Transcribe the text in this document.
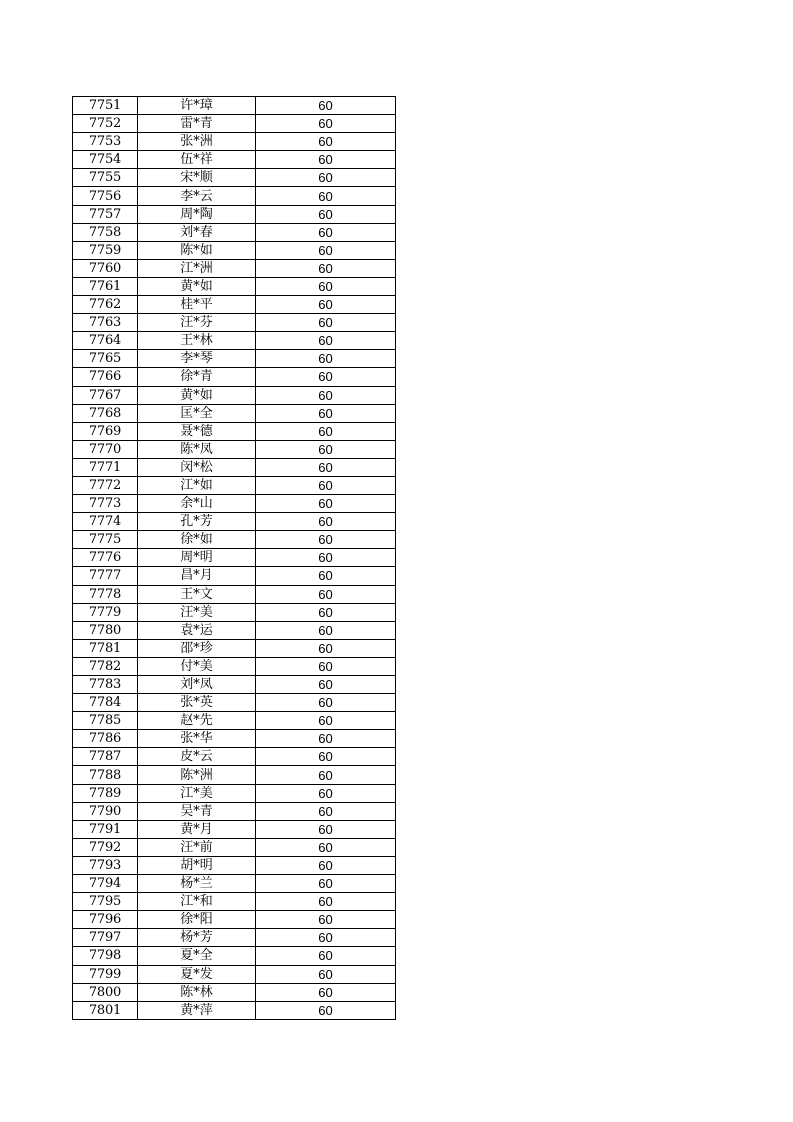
7751	许*璋	60
7752	雷*青	60
7753	张*洲	60
7754	伍*祥	60
7755	宋*顺	60
7756	李*云	60
7757	周*陶	60
7758	刘*春	60
7759	陈*如	60
7760	江*洲	60
7761	黄*如	60
7762	桂*平	60
7763	汪*芬	60
7764	王*林	60
7765	李*琴	60
7766	徐*青	60
7767	黄*如	60
7768	匡*全	60
7769	聂*德	60
7770	陈*凤	60
7771	闵*松	60
7772	江*如	60
7773	余*山	60
7774	孔*芳	60
7775	徐*如	60
7776	周*明	60
7777	昌*月	60
7778	王*文	60
7779	汪*美	60
7780	袁*运	60
7781	邵*珍	60
7782	付*美	60
7783	刘*凤	60
7784	张*英	60
7785	赵*先	60
7786	张*华	60
7787	皮*云	60
7788	陈*洲	60
7789	江*美	60
7790	吴*青	60
7791	黄*月	60
7792	汪*前	60
7793	胡*明	60
7794	杨*兰	60
7795	江*和	60
7796	徐*阳	60
7797	杨*芳	60
7798	夏*全	60
7799	夏*发	60
7800	陈*林	60
7801	黄*萍	60
